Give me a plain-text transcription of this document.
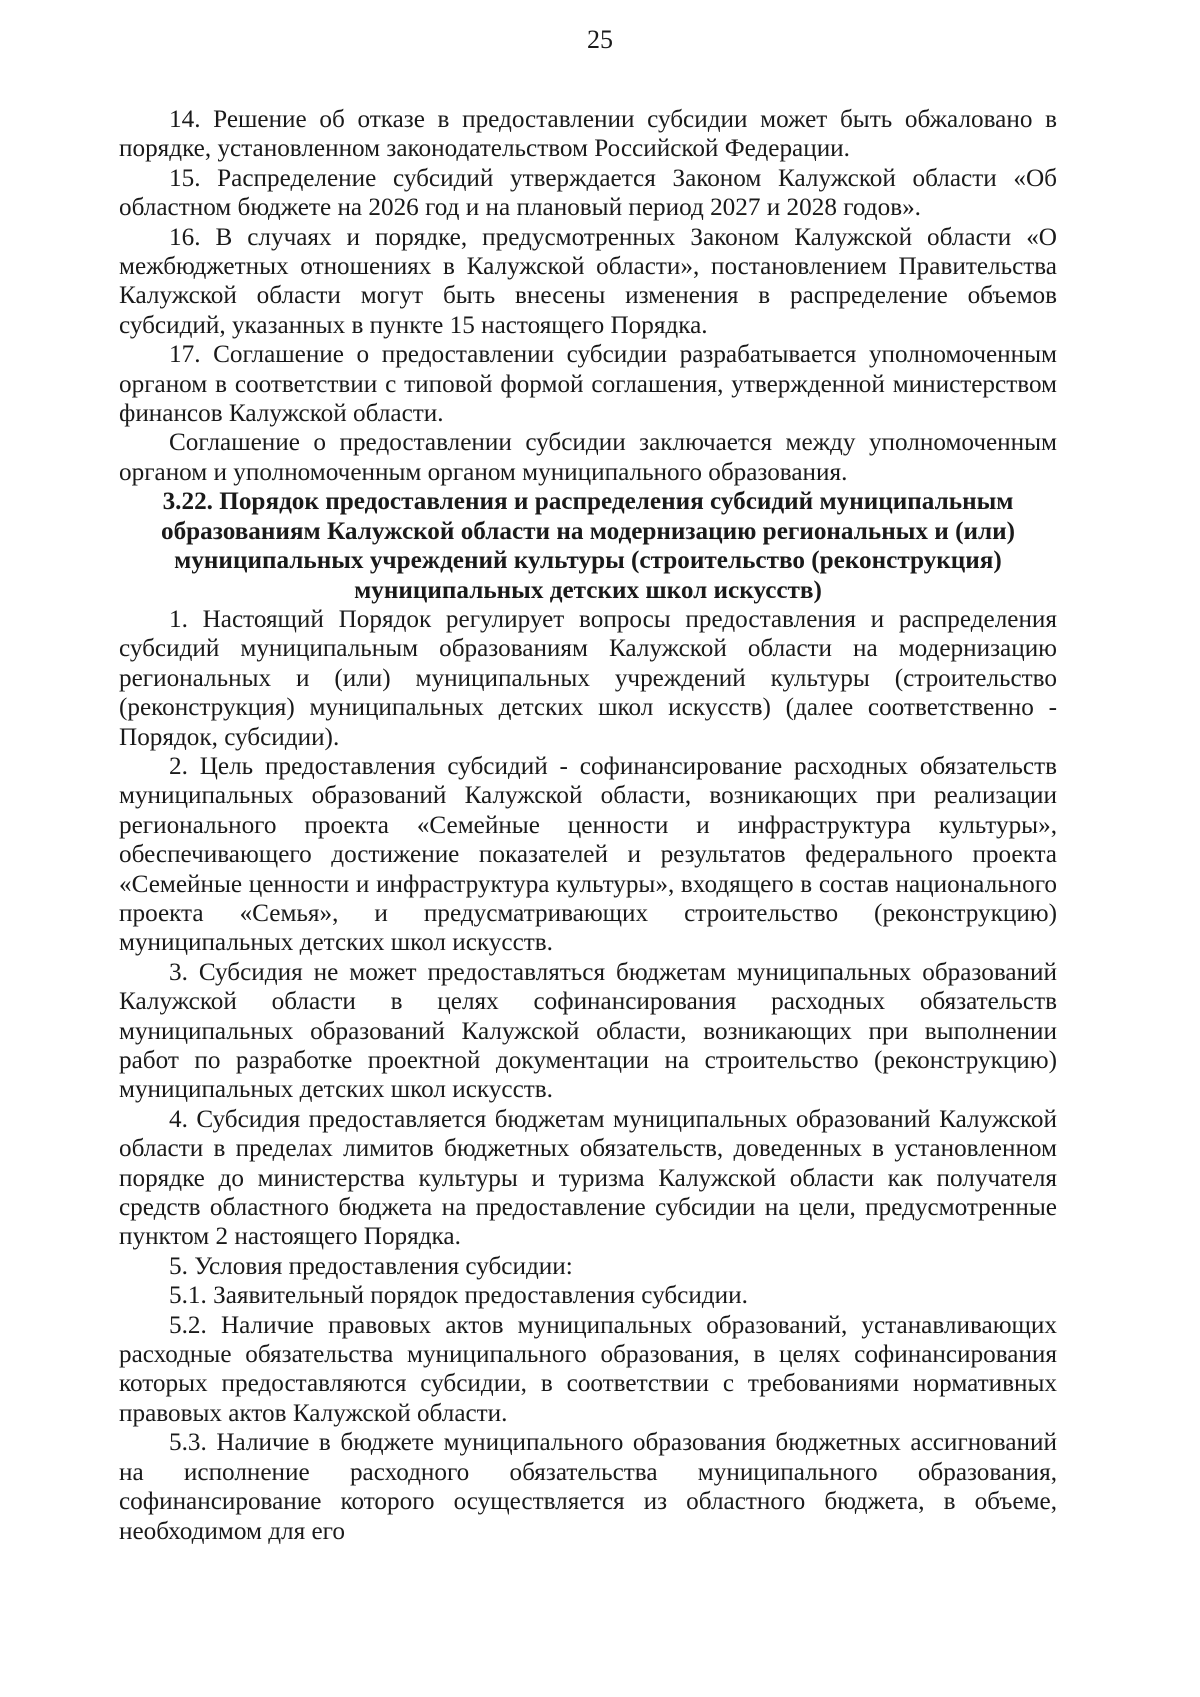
25

14. Решение об отказе в предоставлении субсидии может быть обжаловано в порядке, установленном законодательством Российской Федерации.

15. Распределение субсидий утверждается Законом Калужской области «Об областном бюджете на 2026 год и на плановый период 2027 и 2028 годов».

16. В случаях и порядке, предусмотренных Законом Калужской области «О межбюджетных отношениях в Калужской области», постановлением Правительства Калужской области могут быть внесены изменения в распределение объемов субсидий, указанных в пункте 15 настоящего Порядка.

17. Соглашение о предоставлении субсидии разрабатывается уполномоченным органом в соответствии с типовой формой соглашения, утвержденной министерством финансов Калужской области.

Соглашение о предоставлении субсидии заключается между уполномоченным органом и уполномоченным органом муниципального образования.

3.22. Порядок предоставления и распределения субсидий муниципальным образованиям Калужской области на модернизацию региональных и (или) муниципальных учреждений культуры (строительство (реконструкция) муниципальных детских школ искусств)

1. Настоящий Порядок регулирует вопросы предоставления и распределения субсидий муниципальным образованиям Калужской области на модернизацию региональных и (или) муниципальных учреждений культуры (строительство (реконструкция) муниципальных детских школ искусств) (далее соответственно - Порядок, субсидии).

2. Цель предоставления субсидий - софинансирование расходных обязательств муниципальных образований Калужской области, возникающих при реализации регионального проекта «Семейные ценности и инфраструктура культуры», обеспечивающего достижение показателей и результатов федерального проекта «Семейные ценности и инфраструктура культуры», входящего в состав национального проекта «Семья», и предусматривающих строительство (реконструкцию) муниципальных детских школ искусств.

3. Субсидия не может предоставляться бюджетам муниципальных образований Калужской области в целях софинансирования расходных обязательств муниципальных образований Калужской области, возникающих при выполнении работ по разработке проектной документации на строительство (реконструкцию) муниципальных детских школ искусств.

4. Субсидия предоставляется бюджетам муниципальных образований Калужской области в пределах лимитов бюджетных обязательств, доведенных в установленном порядке до министерства культуры и туризма Калужской области как получателя средств областного бюджета на предоставление субсидии на цели, предусмотренные пунктом 2 настоящего Порядка.

5. Условия предоставления субсидии:

5.1. Заявительный порядок предоставления субсидии.

5.2. Наличие правовых актов муниципальных образований, устанавливающих расходные обязательства муниципального образования, в целях софинансирования которых предоставляются субсидии, в соответствии с требованиями нормативных правовых актов Калужской области.

5.3. Наличие в бюджете муниципального образования бюджетных ассигнований на исполнение расходного обязательства муниципального образования, софинансирование которого осуществляется из областного бюджета, в объеме, необходимом для его
